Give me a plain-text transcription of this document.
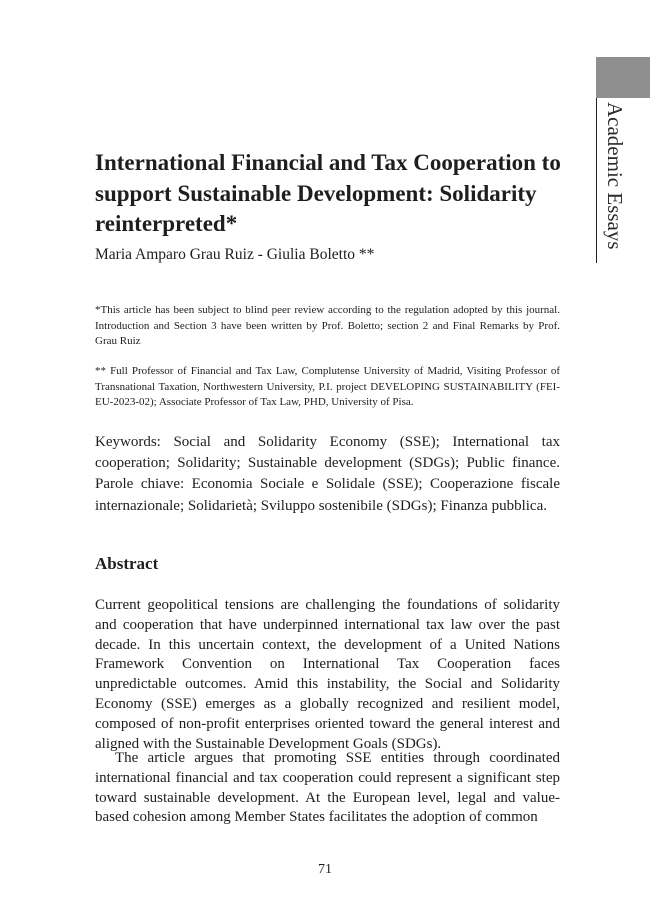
Academic Essays
International Financial and Tax Cooperation to support Sustainable Development: Solidarity reinterpreted*
Maria Amparo Grau Ruiz - Giulia Boletto **

*This article has been subject to blind peer review according to the regulation adopted by this journal. Introduction and Section 3 have been written by Prof. Boletto; section 2 and Final Remarks by Prof. Grau Ruiz

** Full Professor of Financial and Tax Law, Complutense University of Madrid, Visiting Professor of Transnational Taxation, Northwestern University, P.I. project DEVELOPING SUSTAINABILITY (FEI-EU-2023-02); Associate Professor of Tax Law, PHD, University of Pisa.

Keywords: Social and Solidarity Economy (SSE); International tax cooperation; Solidarity; Sustainable development (SDGs); Public finance. Parole chiave: Economia Sociale e Solidale (SSE); Cooperazione fiscale internazionale; Solidarietà; Sviluppo sostenibile (SDGs); Finanza pubblica.

Abstract

Current geopolitical tensions are challenging the foundations of solidarity and cooperation that have underpinned international tax law over the past decade. In this uncertain context, the development of a United Nations Framework Convention on International Tax Cooperation faces unpredictable outcomes. Amid this instability, the Social and Solidarity Economy (SSE) emerges as a globally recognized and resilient model, composed of non-profit enterprises oriented toward the general interest and aligned with the Sustainable Development Goals (SDGs).

The article argues that promoting SSE entities through coordinated international financial and tax cooperation could represent a significant step toward sustainable development. At the European level, legal and value-based cohesion among Member States facilitates the adoption of common

71
